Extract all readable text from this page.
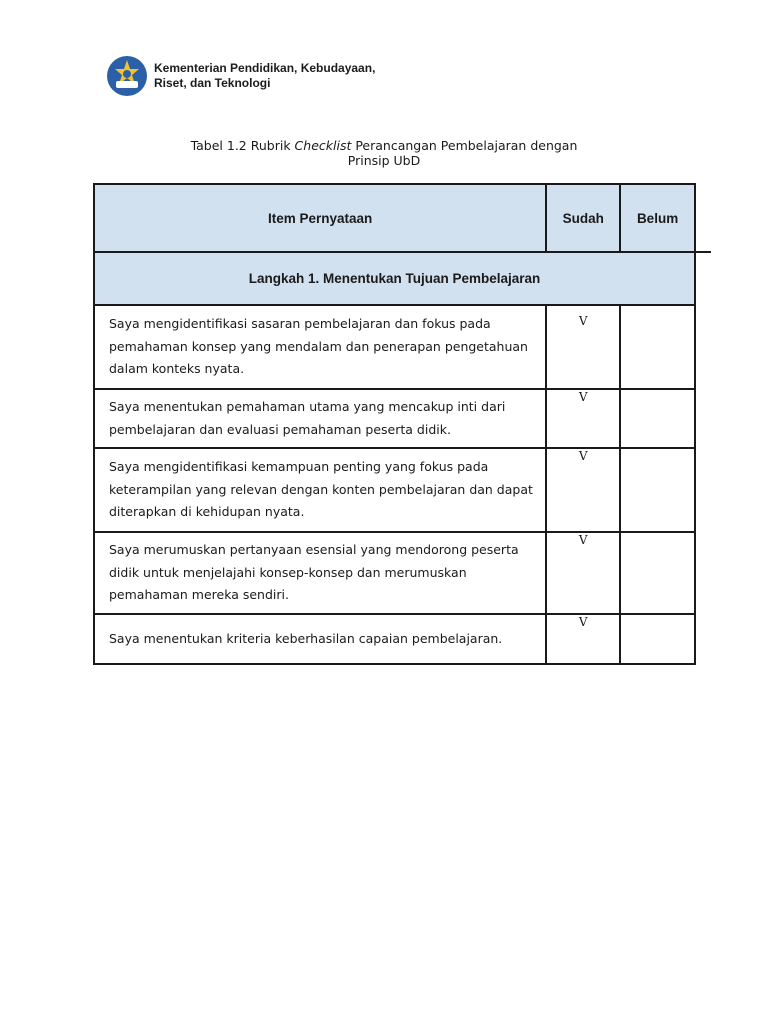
Kementerian Pendidikan, Kebudayaan,
Riset, dan Teknologi
Tabel 1.2 Rubrik Checklist Perancangan Pembelajaran dengan
Prinsip UbD
Item Pernyataan	Sudah	Belum
Langkah 1. Menentukan Tujuan Pembelajaran		
Saya mengidentifikasi sasaran pembelajaran dan fokus pada pemahaman konsep yang mendalam dan penerapan pengetahuan dalam konteks nyata.	V	
Saya menentukan pemahaman utama yang mencakup inti dari pembelajaran dan evaluasi pemahaman peserta didik.	V	
Saya mengidentifikasi kemampuan penting yang fokus pada keterampilan yang relevan dengan konten pembelajaran dan dapat diterapkan di kehidupan nyata.	V	
Saya merumuskan pertanyaan esensial yang mendorong peserta didik untuk menjelajahi konsep-konsep dan merumuskan pemahaman mereka sendiri.	V	
Saya menentukan kriteria keberhasilan capaian pembelajaran.	V	
